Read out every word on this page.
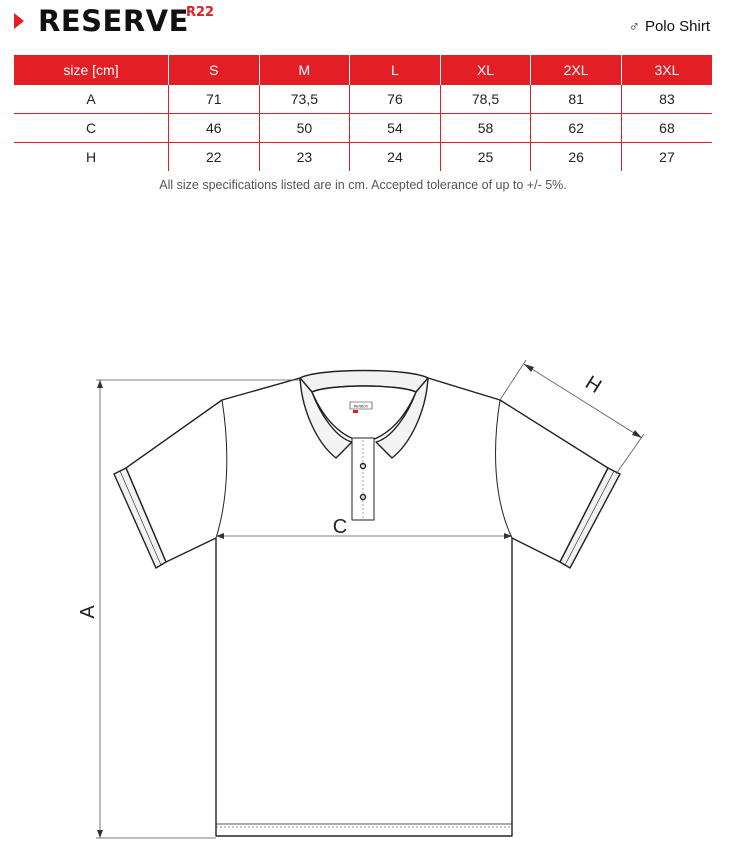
RESERVE
R22
♂ Polo Shirt
size [cm]	S	M	L	XL	2XL	3XL
A	71	73,5	76	78,5	81	83
C	46	50	54	58	62	68
H	22	23	24	25	26	27
All size specifications listed are in cm. Accepted tolerance of up to +/- 5%.
RENBOX
A
C
H
